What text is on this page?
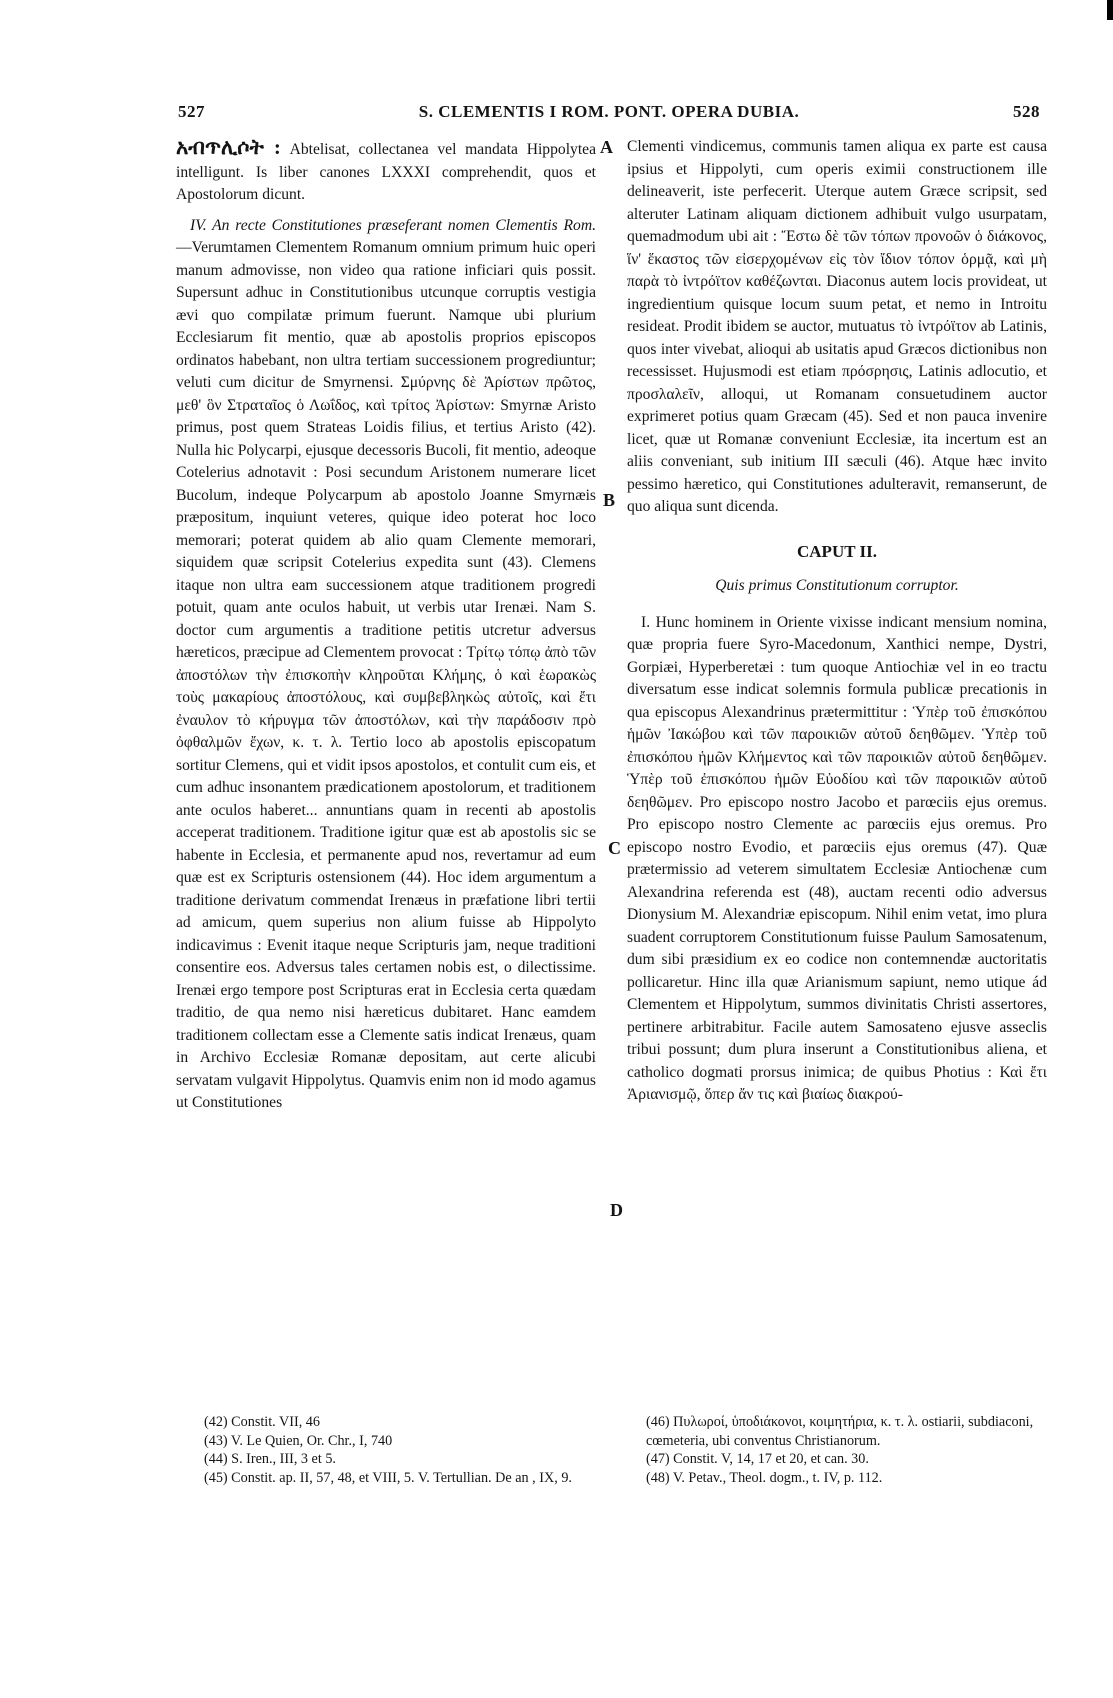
527	S. CLEMENTIS I ROM. PONT. OPERA DUBIA.	528

አብጥሊሶት : Abtelisat, collectanea vel mandata Hippolytea intelligunt. Is liber canones LXXXI comprehendit, quos et Apostolorum dicunt.

IV. An recte Constitutiones præseferant nomen Clementis Rom.—Verumtamen Clementem Romanum omnium primum huic operi manum admovisse, non video qua ratione inficiari quis possit. Supersunt adhuc in Constitutionibus utcunque corruptis vestigia ævi quo compilatæ primum fuerunt. Namque ubi plurium Ecclesiarum fit mentio, quæ ab apostolis proprios episcopos ordinatos habebant, non ultra tertiam successionem progrediuntur; veluti cum dicitur de Smyrnensi. Σμύρνης δὲ Ἀρίστων πρῶτος, μεθ' ὃν Στραταῖος ὁ Λωΐδος, καὶ τρίτος Ἀρίστων: Smyrnæ Aristo primus, post quem Strateas Loidis filius, et tertius Aristo (42). Nulla hic Polycarpi, ejusque decessoris Bucoli, fit mentio, adeoque Cotelerius adnotavit : Posi secundum Aristonem numerare licet Bucolum, indeque Polycarpum ab apostolo Joanne Smyrnæis præpositum, inquiunt veteres, quique ideo poterat hoc loco memorari; poterat quidem ab alio quam Clemente memorari, siquidem quæ scripsit Cotelerius expedita sunt (43). Clemens itaque non ultra eam successionem atque traditionem progredi potuit, quam ante oculos habuit, ut verbis utar Irenæi. Nam S. doctor cum argumentis a traditione petitis utcretur adversus hæreticos, præcipue ad Clementem provocat : Τρίτῳ τόπῳ ἀπὸ τῶν ἀποστόλων τὴν ἐπισκοπὴν κληροῦται Κλήμης, ὁ καὶ ἑωρακὼς τοὺς μακαρίους ἀποστόλους, καὶ συμβεβληκὼς αὐτοῖς, καὶ ἔτι ἐναυλον τὸ κήρυγμα τῶν ἀποστόλων, καὶ τὴν παράδοσιν πρὸ ὀφθαλμῶν ἔχων, κ. τ. λ. Tertio loco ab apostolis episcopatum sortitur Clemens, qui et vidit ipsos apostolos, et contulit cum eis, et cum adhuc insonantem prædicationem apostolorum, et traditionem ante oculos haberet... annuntians quam in recenti ab apostolis acceperat traditionem. Traditione igitur quæ est ab apostolis sic se habente in Ecclesia, et permanente apud nos, revertamur ad eum quæ est ex Scripturis ostensionem (44). Hoc idem argumentum a traditione derivatum commendat Irenæus in præfatione libri tertii ad amicum, quem superius non alium fuisse ab Hippolyto indicavimus : Evenit itaque neque Scripturis jam, neque traditioni consentire eos. Adversus tales certamen nobis est, o dilectissime. Irenæi ergo tempore post Scripturas erat in Ecclesia certa quædam traditio, de qua nemo nisi hæreticus dubitaret. Hanc eamdem traditionem collectam esse a Clemente satis indicat Irenæus, quam in Archivo Ecclesiæ Romanæ depositam, aut certe alicubi servatam vulgavit Hippolytus. Quamvis enim non id modo agamus ut Constitutiones

Clementi vindicemus, communis tamen aliqua ex parte est causa ipsius et Hippolyti, cum operis eximii constructionem ille delineaverit, iste perfecerit. Uterque autem Græce scripsit, sed alteruter Latinam aliquam dictionem adhibuit vulgo usurpatam, quemadmodum ubi ait : Ἔστω δὲ τῶν τόπων προνοῶν ὁ διάκονος, ἵν' ἕκαστος τῶν εἰσερχομένων εἰς τὸν ἴδιον τόπον ὁρμᾷ, καὶ μὴ παρὰ τὸ ἰντρόϊτον καθέζωνται. Diaconus autem locis provideat, ut ingredientium quisque locum suum petat, et nemo in Introitu resideat. Prodit ibidem se auctor, mutuatus τὸ ἰντρόϊτον ab Latinis, quos inter vivebat, alioqui ab usitatis apud Græcos dictionibus non recessisset. Hujusmodi est etiam πρόσρησις, Latinis adlocutio, et προσλαλεῖν, alloqui, ut Romanam consuetudinem auctor exprimeret potius quam Græcam (45). Sed et non pauca invenire licet, quæ ut Romanæ conveniunt Ecclesiæ, ita incertum est an aliis conveniant, sub initium III sæculi (46). Atque hæc invito pessimo hæretico, qui Constitutiones adulteravit, remanserunt, de quo aliqua sunt dicenda.

CAPUT II.

Quis primus Constitutionum corruptor.

I. Hunc hominem in Oriente vixisse indicant mensium nomina, quæ propria fuere Syro-Macedonum, Xanthici nempe, Dystri, Gorpiæi, Hyperberetæi : tum quoque Antiochiæ vel in eo tractu diversatum esse indicat solemnis formula publicæ precationis in qua episcopus Alexandrinus prætermittitur : Ὑπὲρ τοῦ ἐπισκόπου ἡμῶν Ἰακώβου καὶ τῶν παροικιῶν αὐτοῦ δεηθῶμεν. Ὑπὲρ τοῦ ἐπισκόπου ἡμῶν Κλήμεντος καὶ τῶν παροικιῶν αὐτοῦ δεηθῶμεν. Ὑπὲρ τοῦ ἐπισκόπου ἡμῶν Εὐοδίου καὶ τῶν παροικιῶν αὐτοῦ δεηθῶμεν. Pro episcopo nostro Jacobo et parœciis ejus oremus. Pro episcopo nostro Clemente ac parœciis ejus oremus. Pro episcopo nostro Evodio, et parœciis ejus oremus (47). Quæ prætermissio ad veterem simultatem Ecclesiæ Antiochenæ cum Alexandrina referenda est (48), auctam recenti odio adversus Dionysium M. Alexandriæ episcopum. Nihil enim vetat, imo plura suadent corruptorem Constitutionum fuisse Paulum Samosatenum, dum sibi præsidium ex eo codice non contemnendæ auctoritatis pollicaretur. Hinc illa quæ Arianismum sapiunt, nemo utique ád Clementem et Hippolytum, summos divinitatis Christi assertores, pertinere arbitrabitur. Facile autem Samosateno ejusve asseclis tribui possunt; dum plura inserunt a Constitutionibus aliena, et catholico dogmati prorsus inimica; de quibus Photius : Καὶ ἔτι Ἀριανισμῷ, ὅπερ ἄν τις καὶ βιαίως διακρού-

A
B
C
D
(42) Constit. VII, 46
(43) V. Le Quien, Or. Chr., I, 740
(44) S. Iren., III, 3 et 5.
(45) Constit. ap. II, 57, 48, et VIII, 5. V. Tertullian. De an , IX, 9.
(46) Πυλωροί, ὑποδιάκονοι, κοιμητήρια, κ. τ. λ. ostiarii, subdiaconi, cœmeteria, ubi conventus Christianorum.
(47) Constit. V, 14, 17 et 20, et can. 30.
(48) V. Petav., Theol. dogm., t. IV, p. 112.
